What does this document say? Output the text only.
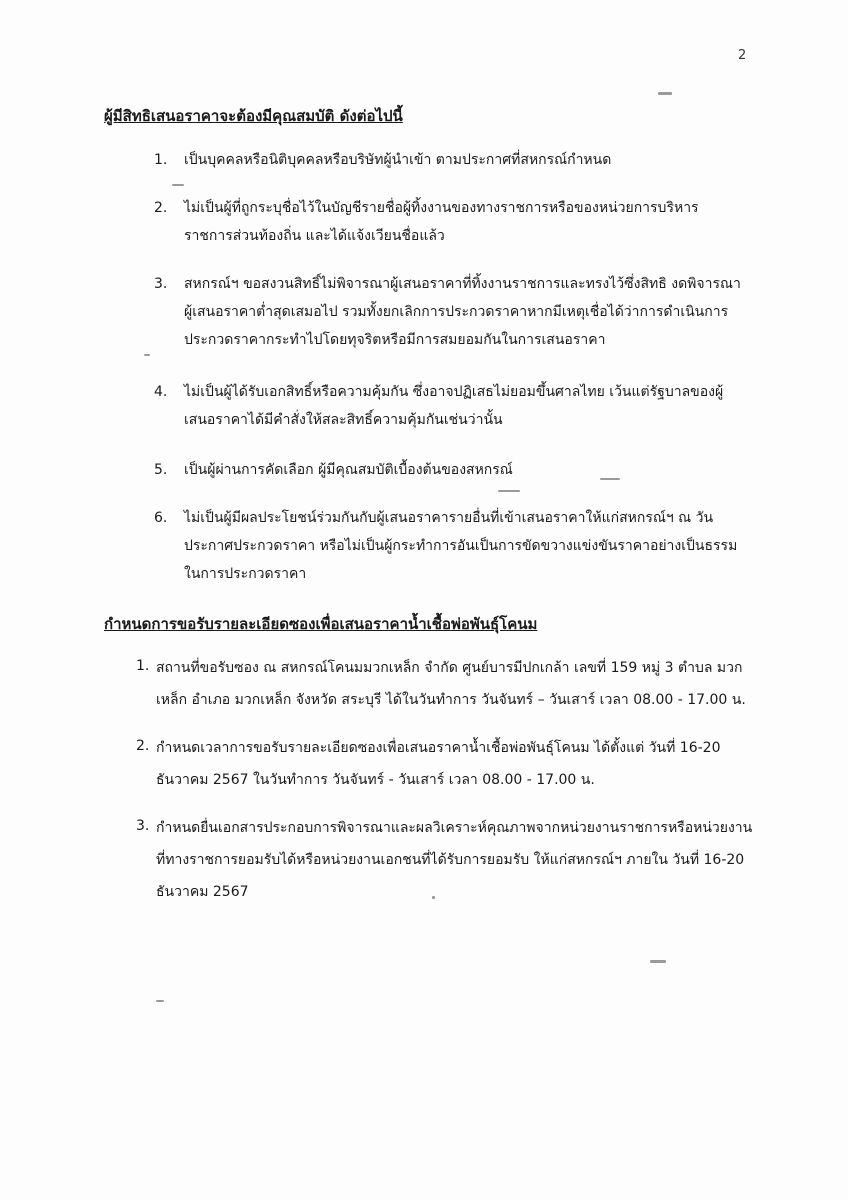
2
ผู้มีสิทธิเสนอราคาจะต้องมีคุณสมบัติ ดังต่อไปนี้
1. เป็นบุคคลหรือนิติบุคคลหรือบริษัทผู้นำเข้า ตามประกาศที่สหกรณ์กำหนด
2. ไม่เป็นผู้ที่ถูกระบุชื่อไว้ในบัญชีรายชื่อผู้ทิ้งงานของทางราชการหรือของหน่วยการบริหารราชการส่วนท้องถิ่น และได้แจ้งเวียนชื่อแล้ว
3. สหกรณ์ฯ ขอสงวนสิทธิ์ไม่พิจารณาผู้เสนอราคาที่ทิ้งงานราชการและทรงไว้ซึ่งสิทธิ งดพิจารณาผู้เสนอราคาต่ำสุดเสมอไป รวมทั้งยกเลิกการประกวดราคาหากมีเหตุเชื่อได้ว่าการดำเนินการประกวดราคากระทำไปโดยทุจริตหรือมีการสมยอมกันในการเสนอราคา
4. ไม่เป็นผู้ได้รับเอกสิทธิ์หรือความคุ้มกัน ซึ่งอาจปฏิเสธไม่ยอมขึ้นศาลไทย เว้นแต่รัฐบาลของผู้เสนอราคาได้มีคำสั่งให้สละสิทธิ์ความคุ้มกันเช่นว่านั้น
5. เป็นผู้ผ่านการคัดเลือก ผู้มีคุณสมบัติเบื้องต้นของสหกรณ์
6. ไม่เป็นผู้มีผลประโยชน์ร่วมกันกับผู้เสนอราคารายอื่นที่เข้าเสนอราคาให้แก่สหกรณ์ฯ ณ วันประกาศประกวดราคา หรือไม่เป็นผู้กระทำการอันเป็นการขัดขวางแข่งขันราคาอย่างเป็นธรรมในการประกวดราคา
กำหนดการขอรับรายละเอียดซองเพื่อเสนอราคาน้ำเชื้อพ่อพันธุ์โคนม
1. สถานที่ขอรับซอง ณ สหกรณ์โคนมมวกเหล็ก จำกัด ศูนย์บารมีปกเกล้า เลขที่ 159 หมู่ 3 ตำบล มวกเหล็ก อำเภอ มวกเหล็ก จังหวัด สระบุรี ได้ในวันทำการ วันจันทร์ – วันเสาร์ เวลา 08.00 - 17.00 น.
2. กำหนดเวลาการขอรับรายละเอียดซองเพื่อเสนอราคาน้ำเชื้อพ่อพันธุ์โคนม ได้ตั้งแต่ วันที่ 16-20 ธันวาคม 2567 ในวันทำการ วันจันทร์ - วันเสาร์ เวลา 08.00 - 17.00 น.
3. กำหนดยื่นเอกสารประกอบการพิจารณาและผลวิเคราะห์คุณภาพจากหน่วยงานราชการหรือหน่วยงานที่ทางราชการยอมรับได้หรือหน่วยงานเอกชนที่ได้รับการยอมรับ ให้แก่สหกรณ์ฯ ภายใน วันที่ 16-20 ธันวาคม 2567
